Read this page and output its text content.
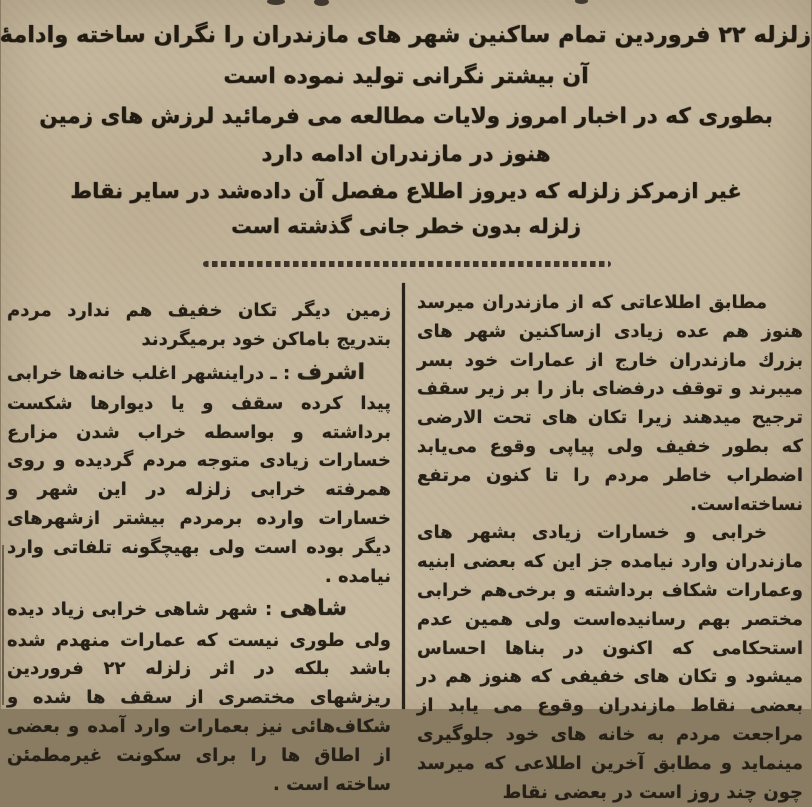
زلزله ۲۲ فروردین تمام ساکنین شهر های مازندران را نگران ساخته وادامهٔ
آن بیشتر نگرانی تولید نموده است
بطوری که در اخبار امروز ولایات مطالعه می فرمائید لرزش های زمین
هنوز در مازندران ادامه دارد
غیر ازمرکز زلزله که دیروز اطلاع مفصل آن داده‌شد در سایر نقاط
زلزله بدون خطر جانی گذشته است

مطابق اطلاعاتی که از مازندران میرسد هنوز هم عده زیادی ازساکنین شهر های بزرك مازندران خارج از عمارات خود بسر میبرند و توقف درفضای باز را بر زیر سقف ترجیح میدهند زیرا تکان های تحت الارضی که بطور خفیف ولی پیاپی وقوع می‌یابد اضطراب خاطر مردم را تا کنون مرتفع نساخته‌است.

خرابی و خسارات زیادی بشهر های مازندران وارد نیامده جز این که بعضی ابنیه وعمارات شکاف برداشته و برخی‌هم خرابی مختصر بهم رسانیده‌است ولی همین عدم استحکامی که اکنون در بناها احساس میشود و تکان های خفیفی که هنوز هم در بعضی نقاط مازندران وقوع می یابد از مراجعت مردم به خانه های خود جلوگیری مینماید و مطابق آخرین اطلاعی که میرسد چون چند روز است در بعضی نقاط

زمین دیگر تکان خفیف هم ندارد مردم بتدریج باماکن خود برمیگردند

اشرف : ـ دراینشهر اغلب خانه‌ها خرابی پیدا کرده سقف و یا دیوارها شکست برداشته و بواسطه خراب شدن مزارع خسارات زیادی متوجه مردم گردیده و روی همرفته خرابی زلزله در این شهر و خسارات وارده برمردم بیشتر ازشهرهای دیگر بوده است ولی بهیچگونه تلفاتی وارد نیامده .

شاهی : شهر شاهی خرابی زیاد دیده ولی طوری نیست که عمارات منهدم شده باشد بلکه در اثر زلزله ۲۲ فروردین ریزشهای مختصری از سقف ها شده و شکاف‌هائی نیز بعمارات وارد آمده و بعضی از اطاق ها را برای سکونت غیرمطمئن ساخته است .
